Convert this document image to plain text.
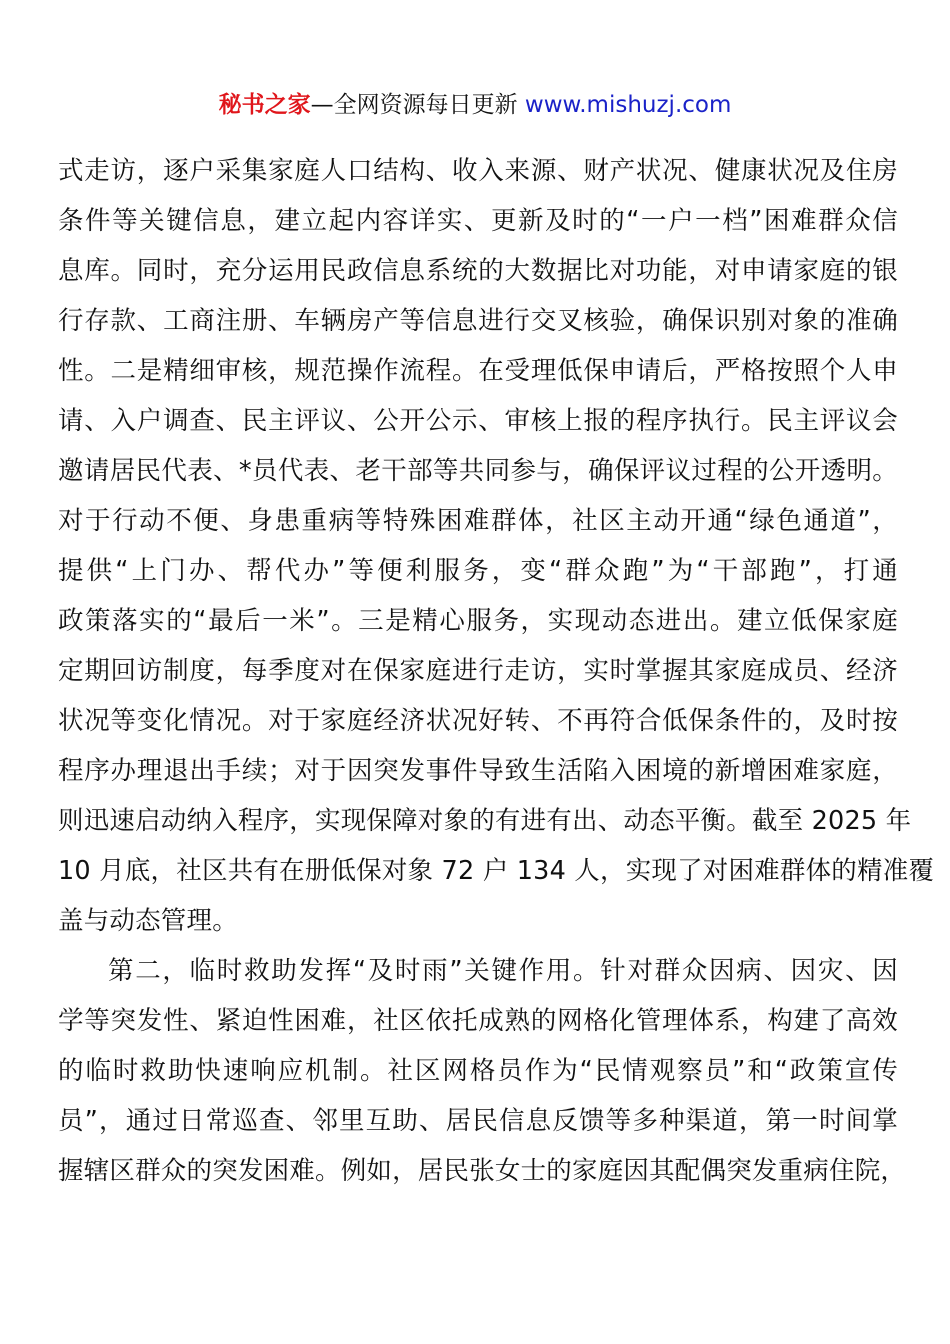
秘书之家—全网资源每日更新 www.mishuzj.com
式走访，逐户采集家庭人口结构、收入来源、财产状况、健康状况及住房
条件等关键信息，建立起内容详实、更新及时的“一户一档”困难群众信
息库。同时，充分运用民政信息系统的大数据比对功能，对申请家庭的银
行存款、工商注册、车辆房产等信息进行交叉核验，确保识别对象的准确
性。二是精细审核，规范操作流程。在受理低保申请后，严格按照个人申
请、入户调查、民主评议、公开公示、审核上报的程序执行。民主评议会
邀请居民代表、*员代表、老干部等共同参与，确保评议过程的公开透明。
对于行动不便、身患重病等特殊困难群体，社区主动开通“绿色通道”，
提供“上门办、帮代办”等便利服务，变“群众跑”为“干部跑”，打通
政策落实的“最后一米”。三是精心服务，实现动态进出。建立低保家庭
定期回访制度，每季度对在保家庭进行走访，实时掌握其家庭成员、经济
状况等变化情况。对于家庭经济状况好转、不再符合低保条件的，及时按
程序办理退出手续；对于因突发事件导致生活陷入困境的新增困难家庭，
则迅速启动纳入程序，实现保障对象的有进有出、动态平衡。截至 2025 年
10 月底，社区共有在册低保对象 72 户 134 人，实现了对困难群体的精准覆
盖与动态管理。
第二，临时救助发挥“及时雨”关键作用。针对群众因病、因灾、因
学等突发性、紧迫性困难，社区依托成熟的网格化管理体系，构建了高效
的临时救助快速响应机制。社区网格员作为“民情观察员”和“政策宣传
员”，通过日常巡查、邻里互助、居民信息反馈等多种渠道，第一时间掌
握辖区群众的突发困难。例如，居民张女士的家庭因其配偶突发重病住院，
